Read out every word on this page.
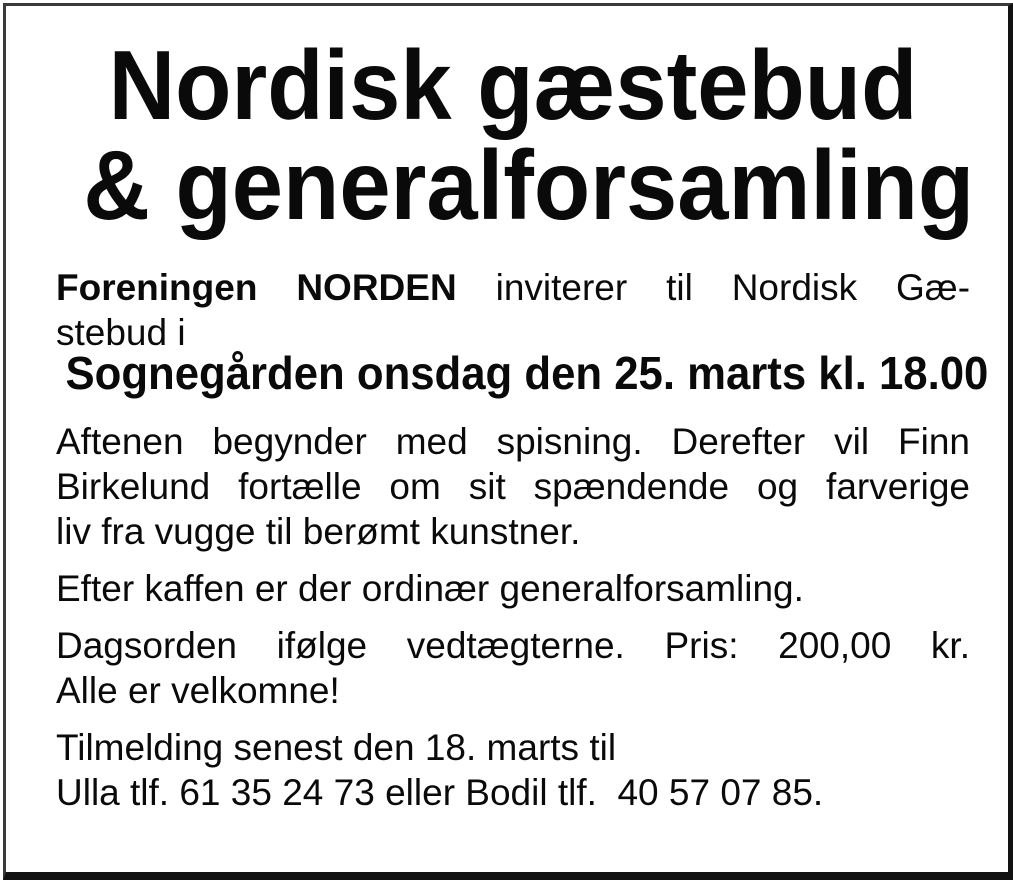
Nordisk gæstebud
& generalforsamling
Foreningen NORDEN inviterer til Nordisk Gæ-
stebud i
Sognegården onsdag den 25. marts kl. 18.00
Aftenen begynder med spisning. Derefter vil Finn
Birkelund fortælle om sit spændende og farverige
liv fra vugge til berømt kunstner.
Efter kaffen er der ordinær generalforsamling.
Dagsorden ifølge vedtægterne. Pris: 200,00 kr.
Alle er velkomne!
Tilmelding senest den 18. marts til
Ulla tlf. 61 35 24 73 eller Bodil tlf.  40 57 07 85.
